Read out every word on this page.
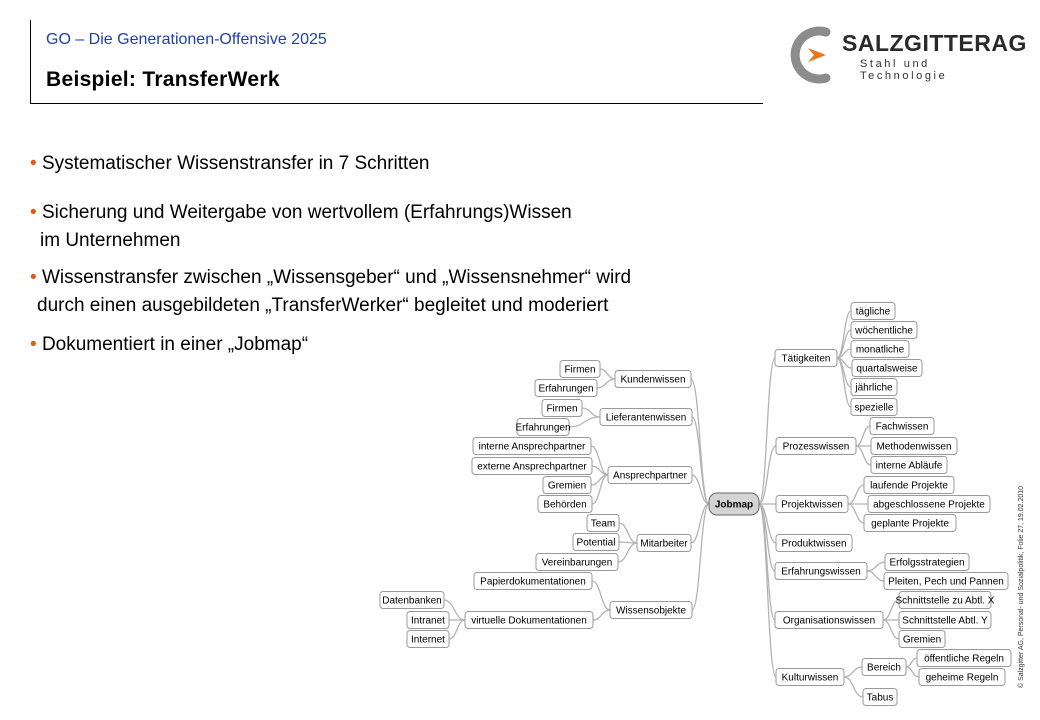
GO – Die Generationen-Offensive 2025
Beispiel: TransferWerk
SALZGITTERAG
Stahl und Technologie
• Systematischer Wissenstransfer in 7 Schritten
• Sicherung und Weitergabe von wertvollem (Erfahrungs)Wissen
im Unternehmen
• Wissenstransfer zwischen „Wissensgeber“ und „Wissensnehmer“ wird
durch einen ausgebildeten „TransferWerker“ begleitet und moderiert
• Dokumentiert in einer „Jobmap“
Jobmap
Kundenwissen
Firmen
Erfahrungen
Lieferantenwissen
Firmen
Erfahrungen
Ansprechpartner
interne Ansprechpartner
externe Ansprechpartner
Gremien
Behörden
Mitarbeiter
Team
Potential
Vereinbarungen
Wissensobjekte
Papierdokumentationen
virtuelle Dokumentationen
Datenbanken
Intranet
Internet
Tätigkeiten
tägliche
wöchentliche
monatliche
quartalsweise
jährliche
spezielle
Prozesswissen
Fachwissen
Methodenwissen
interne Abläufe
Projektwissen
laufende Projekte
abgeschlossene Projekte
geplante Projekte
Produktwissen
Erfahrungswissen
Erfolgsstrategien
Pleiten, Pech und Pannen
Organisationswissen
Schnittstelle zu Abtl. X
Schnittstelle Abtl. Y
Gremien
Kulturwissen
Bereich
öffentliche Regeln
geheime Regeln
Tabus
© Salzgitter AG, Personal- und Sozialpolitik, Folie 27, 19.02.2010
